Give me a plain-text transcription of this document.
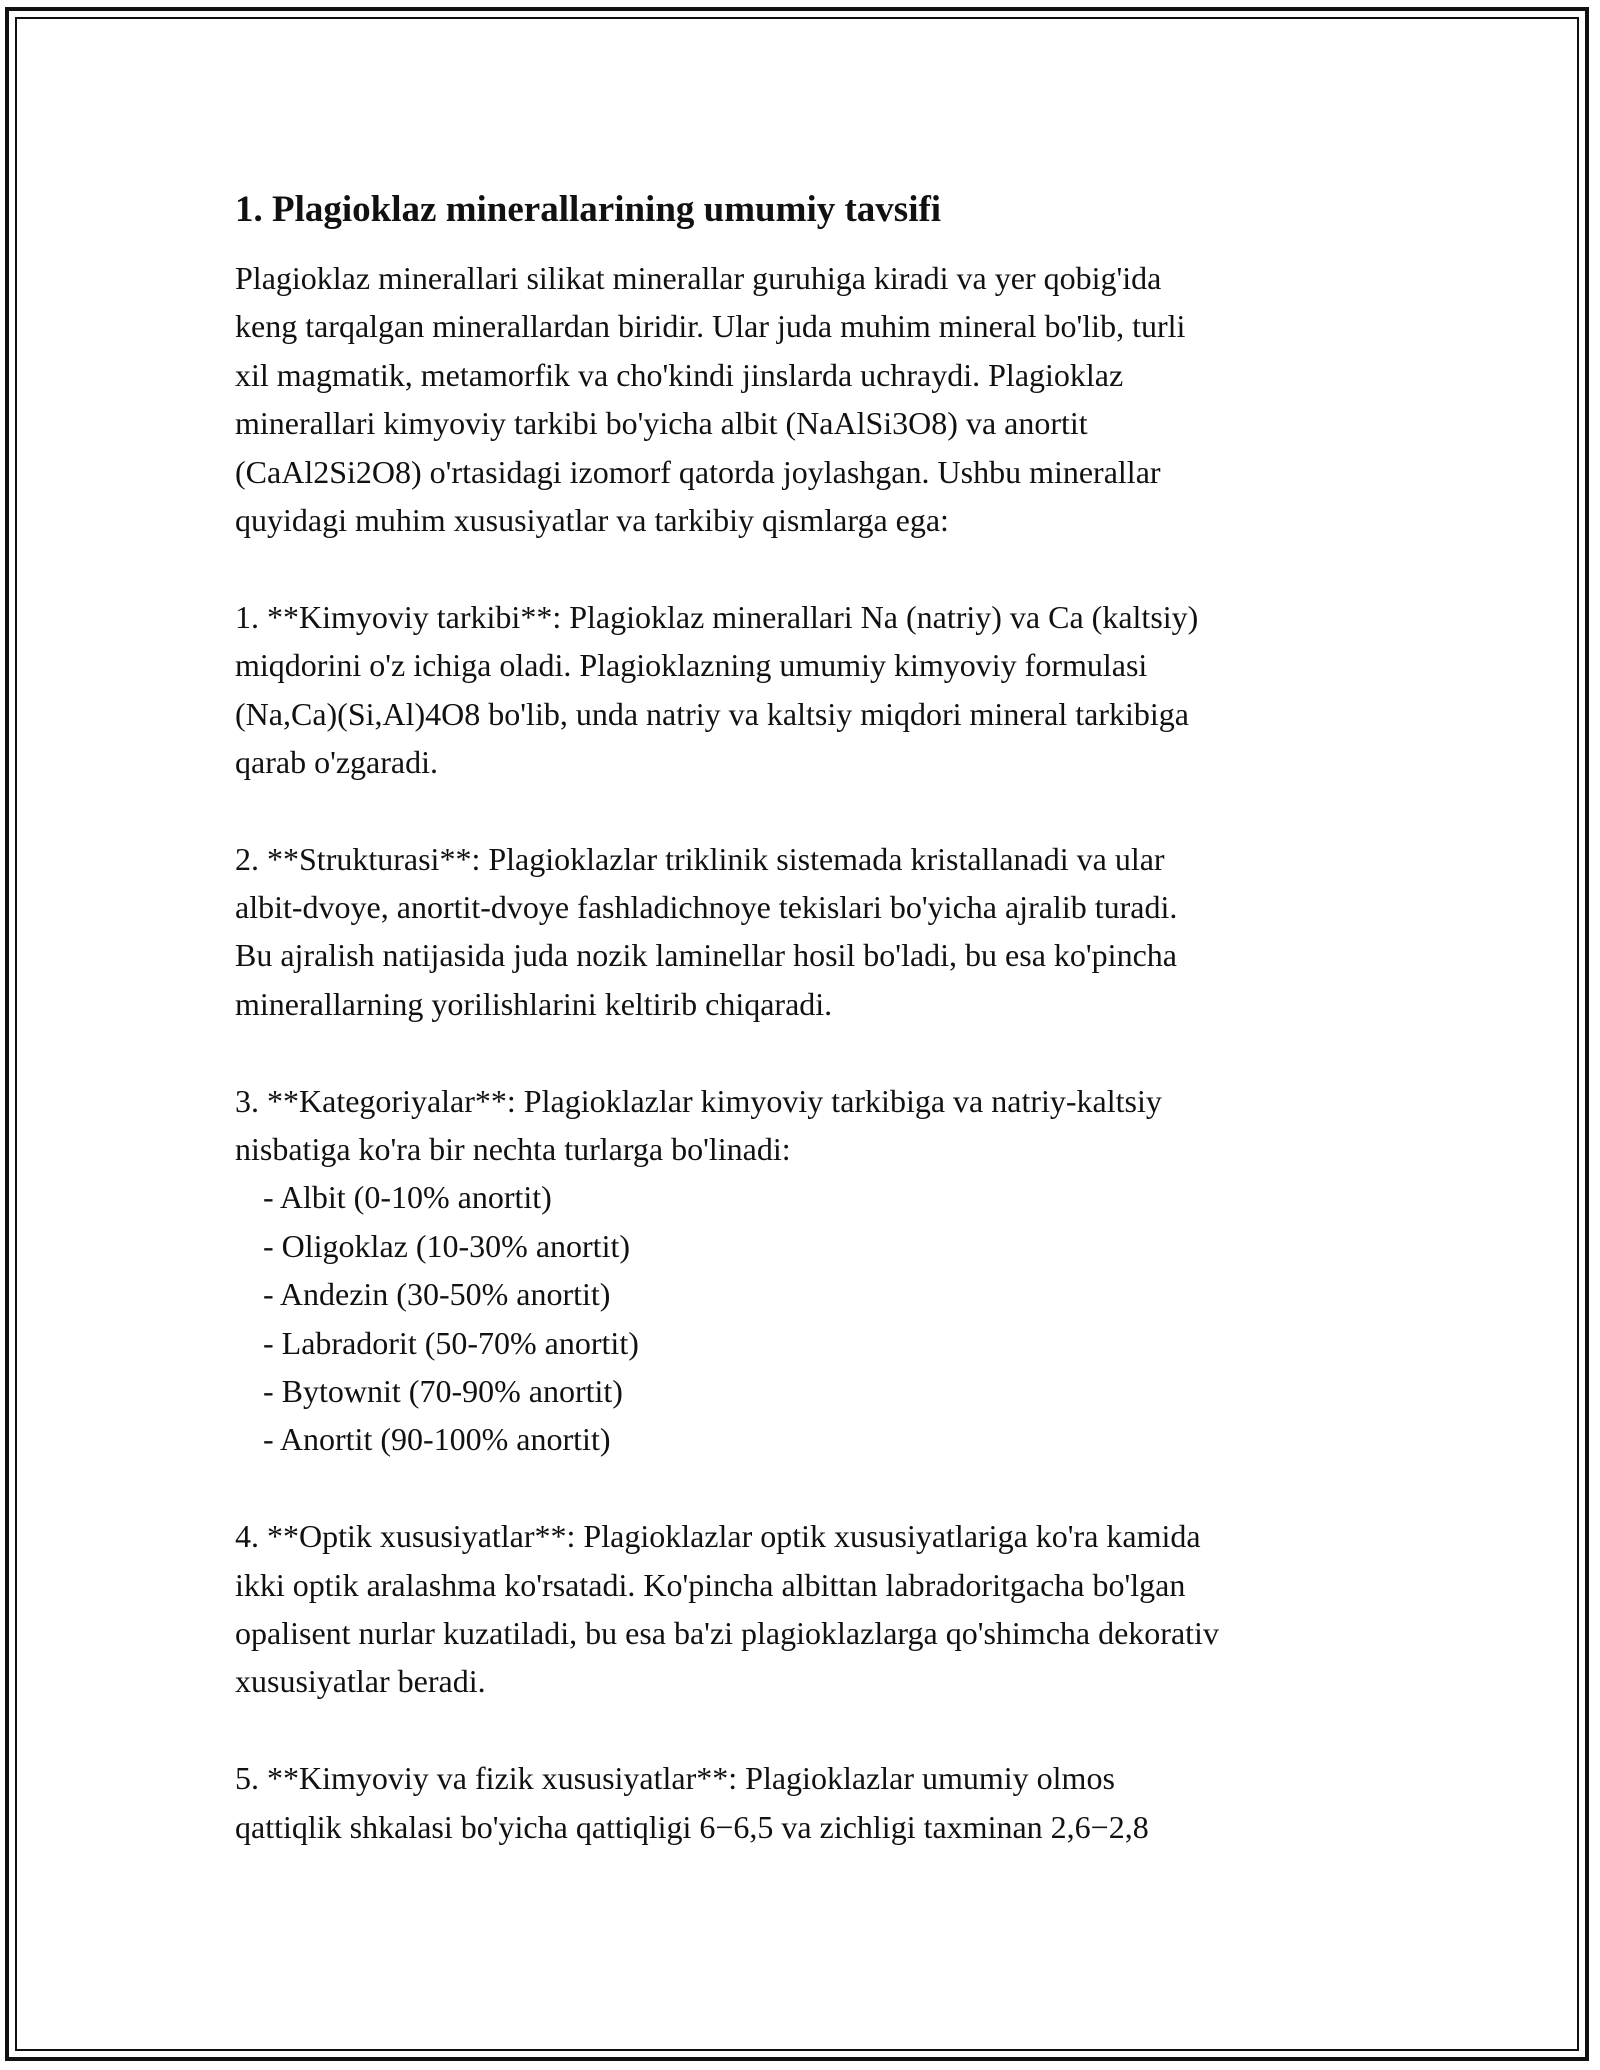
1. Plagioklaz minerallarining umumiy tavsifi
Plagioklaz minerallari silikat minerallar guruhiga kiradi va yer qobig'ida
keng tarqalgan minerallardan biridir. Ular juda muhim mineral bo'lib, turli
xil magmatik, metamorfik va cho'kindi jinslarda uchraydi. Plagioklaz
minerallari kimyoviy tarkibi bo'yicha albit (NaAlSi3O8) va anortit
(CaAl2Si2O8) o'rtasidagi izomorf qatorda joylashgan. Ushbu minerallar
quyidagi muhim xususiyatlar va tarkibiy qismlarga ega:
1. **Kimyoviy tarkibi**: Plagioklaz minerallari Na (natriy) va Ca (kaltsiy)
miqdorini o'z ichiga oladi. Plagioklazning umumiy kimyoviy formulasi
(Na,Ca)(Si,Al)4O8 bo'lib, unda natriy va kaltsiy miqdori mineral tarkibiga
qarab o'zgaradi.
2. **Strukturasi**: Plagioklazlar triklinik sistemada kristallanadi va ular
albit-dvoye, anortit-dvoye fashladichnoye tekislari bo'yicha ajralib turadi.
Bu ajralish natijasida juda nozik laminellar hosil bo'ladi, bu esa ko'pincha
minerallarning yorilishlarini keltirib chiqaradi.
3. **Kategoriyalar**: Plagioklazlar kimyoviy tarkibiga va natriy-kaltsiy
nisbatiga ko'ra bir nechta turlarga bo'linadi:
- Albit (0-10% anortit)
- Oligoklaz (10-30% anortit)
- Andezin (30-50% anortit)
- Labradorit (50-70% anortit)
- Bytownit (70-90% anortit)
- Anortit (90-100% anortit)
4. **Optik xususiyatlar**: Plagioklazlar optik xususiyatlariga ko'ra kamida
ikki optik aralashma ko'rsatadi. Ko'pincha albittan labradoritgacha bo'lgan
opalisent nurlar kuzatiladi, bu esa ba'zi plagioklazlarga qo'shimcha dekorativ
xususiyatlar beradi.
5. **Kimyoviy va fizik xususiyatlar**: Plagioklazlar umumiy olmos
qattiqlik shkalasi bo'yicha qattiqligi 6−6,5 va zichligi taxminan 2,6−2,8
